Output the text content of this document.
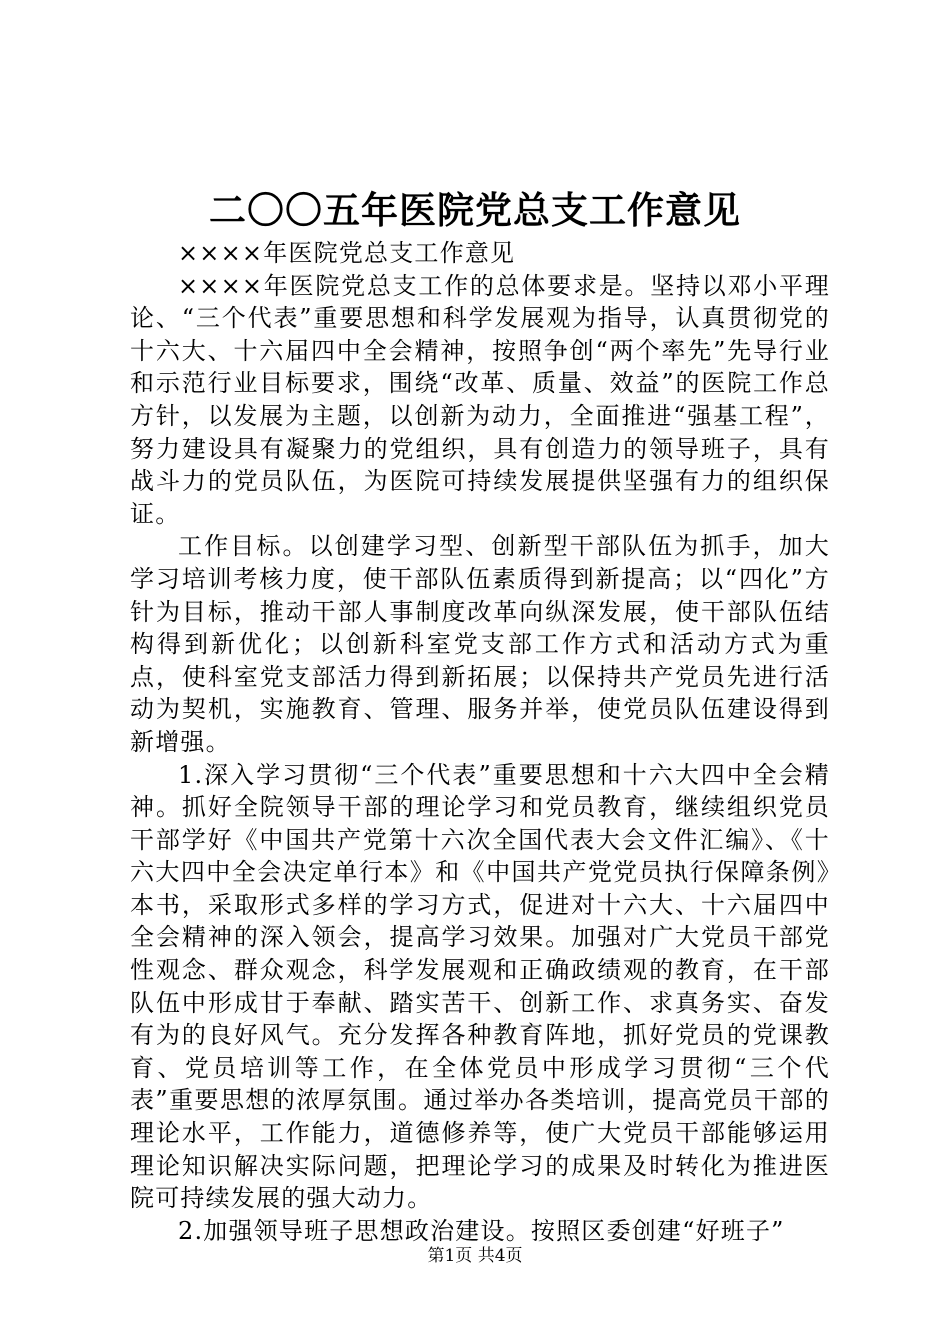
二〇〇五年医院党总支工作意见

××××年医院党总支工作意见

××××年医院党总支工作的总体要求是。坚持以邓小平理论、“三个代表”重要思想和科学发展观为指导，认真贯彻党的十六大、十六届四中全会精神，按照争创“两个率先”先导行业和示范行业目标要求，围绕“改革、质量、效益”的医院工作总方针，以发展为主题，以创新为动力，全面推进“强基工程”，努力建设具有凝聚力的党组织，具有创造力的领导班子，具有战斗力的党员队伍，为医院可持续发展提供坚强有力的组织保证。

工作目标。以创建学习型、创新型干部队伍为抓手，加大学习培训考核力度，使干部队伍素质得到新提高；以“四化”方针为目标，推动干部人事制度改革向纵深发展，使干部队伍结构得到新优化；以创新科室党支部工作方式和活动方式为重点，使科室党支部活力得到新拓展；以保持共产党员先进行活动为契机，实施教育、管理、服务并举，使党员队伍建设得到新增强。

1.深入学习贯彻“三个代表”重要思想和十六大四中全会精神。抓好全院领导干部的理论学习和党员教育，继续组织党员干部学好《中国共产党第十六次全国代表大会文件汇编》、《十六大四中全会决定单行本》和《中国共产党党员执行保障条例》本书，采取形式多样的学习方式，促进对十六大、十六届四中全会精神的深入领会，提高学习效果。加强对广大党员干部党性观念、群众观念，科学发展观和正确政绩观的教育，在干部队伍中形成甘于奉献、踏实苦干、创新工作、求真务实、奋发有为的良好风气。充分发挥各种教育阵地，抓好党员的党课教育、党员培训等工作，在全体党员中形成学习贯彻“三个代表”重要思想的浓厚氛围。通过举办各类培训，提高党员干部的理论水平，工作能力，道德修养等，使广大党员干部能够运用理论知识解决实际问题，把理论学习的成果及时转化为推进医院可持续发展的强大动力。

2.加强领导班子思想政治建设。按照区委创建“好班子”

第1页 共4页
